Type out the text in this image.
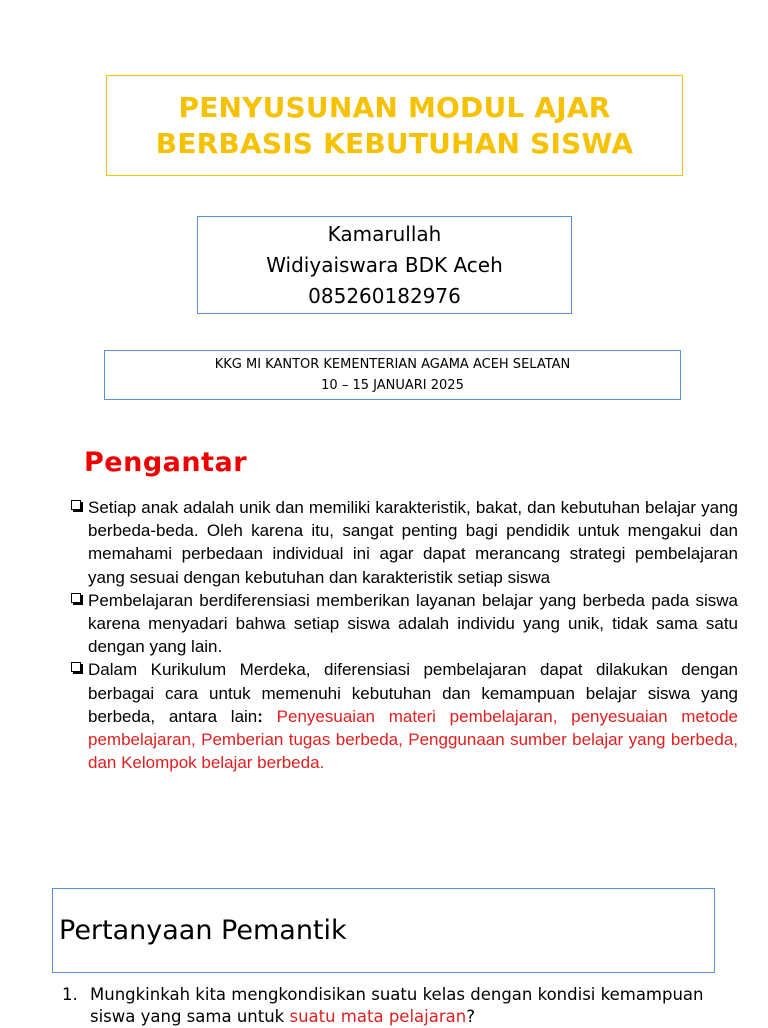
PENYUSUNAN MODUL AJAR
BERBASIS KEBUTUHAN SISWA
Kamarullah
Widiyaiswara BDK Aceh
085260182976
KKG MI KANTOR KEMENTERIAN AGAMA ACEH SELATAN
10 – 15 JANUARI 2025
Pengantar
Setiap anak adalah unik dan memiliki karakteristik, bakat, dan kebutuhan belajar yang berbeda-beda. Oleh karena itu, sangat penting bagi pendidik untuk mengakui dan memahami perbedaan individual ini agar dapat merancang strategi pembelajaran yang sesuai dengan kebutuhan dan karakteristik setiap siswa
Pembelajaran berdiferensiasi memberikan layanan belajar yang berbeda pada siswa karena menyadari bahwa setiap siswa adalah individu yang unik, tidak sama satu dengan yang lain.
Dalam Kurikulum Merdeka, diferensiasi pembelajaran dapat dilakukan dengan berbagai cara untuk memenuhi kebutuhan dan kemampuan belajar siswa yang berbeda, antara lain: Penyesuaian materi pembelajaran, penyesuaian metode pembelajaran, Pemberian tugas berbeda, Penggunaan sumber belajar yang berbeda, dan Kelompok belajar berbeda.
Pertanyaan Pemantik
1. Mungkinkah kita mengkondisikan suatu kelas dengan kondisi kemampuan siswa yang sama untuk suatu mata pelajaran?
